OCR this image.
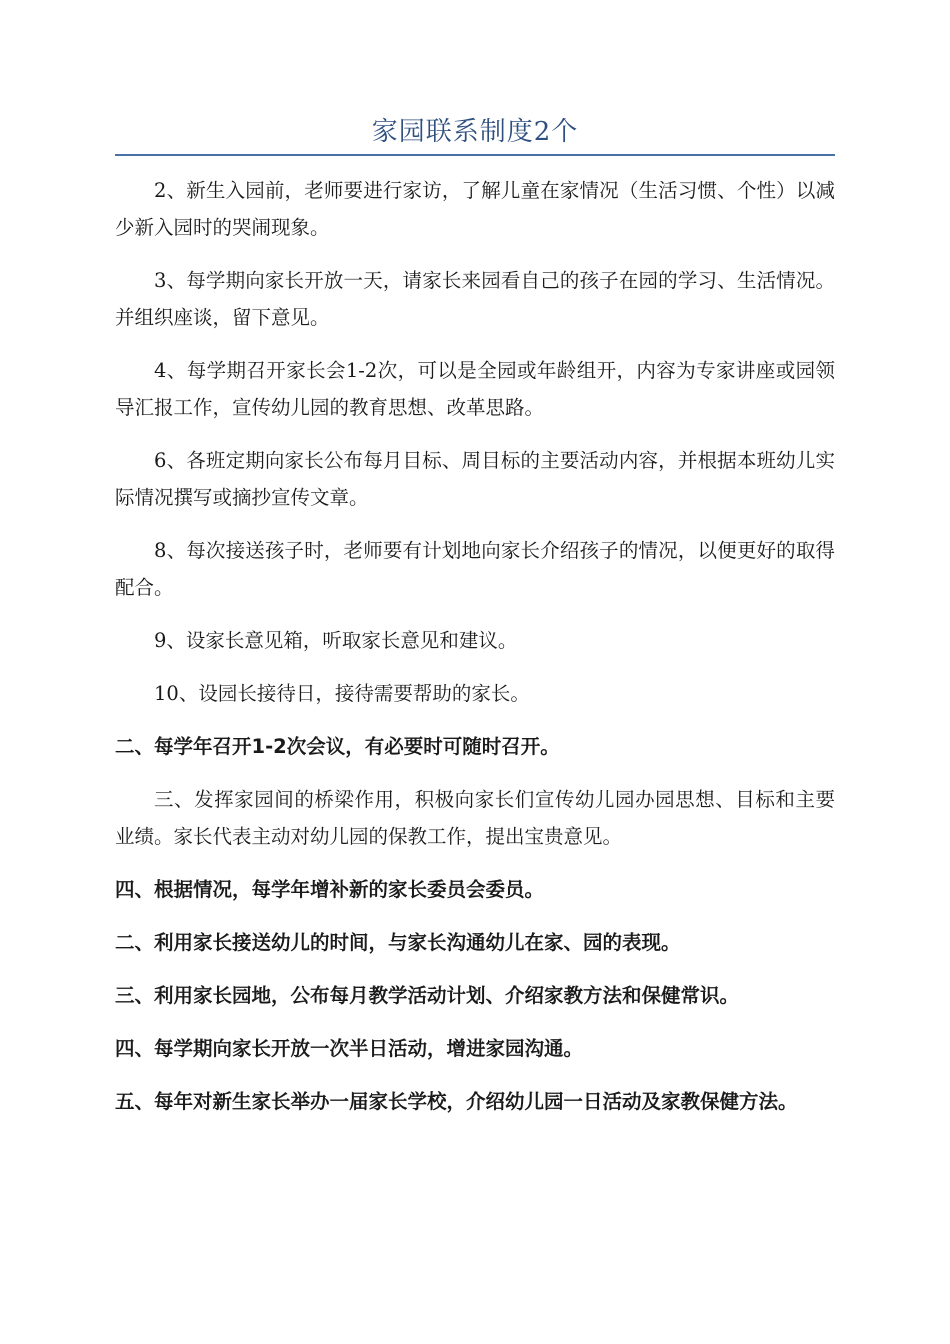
家园联系制度2个

2、新生入园前，老师要进行家访，了解儿童在家情况（生活习惯、个性）以减少新入园时的哭闹现象。

3、每学期向家长开放一天，请家长来园看自己的孩子在园的学习、生活情况。并组织座谈，留下意见。

4、每学期召开家长会1-2次，可以是全园或年龄组开，内容为专家讲座或园领导汇报工作，宣传幼儿园的教育思想、改革思路。

6、各班定期向家长公布每月目标、周目标的主要活动内容，并根据本班幼儿实际情况撰写或摘抄宣传文章。

8、每次接送孩子时，老师要有计划地向家长介绍孩子的情况，以便更好的取得配合。

9、设家长意见箱，听取家长意见和建议。

10、设园长接待日，接待需要帮助的家长。

二、每学年召开1-2次会议，有必要时可随时召开。

三、发挥家园间的桥梁作用，积极向家长们宣传幼儿园办园思想、目标和主要业绩。家长代表主动对幼儿园的保教工作，提出宝贵意见。

四、根据情况，每学年增补新的家长委员会委员。

二、利用家长接送幼儿的时间，与家长沟通幼儿在家、园的表现。

三、利用家长园地，公布每月教学活动计划、介绍家教方法和保健常识。

四、每学期向家长开放一次半日活动，增进家园沟通。

五、每年对新生家长举办一届家长学校，介绍幼儿园一日活动及家教保健方法。
